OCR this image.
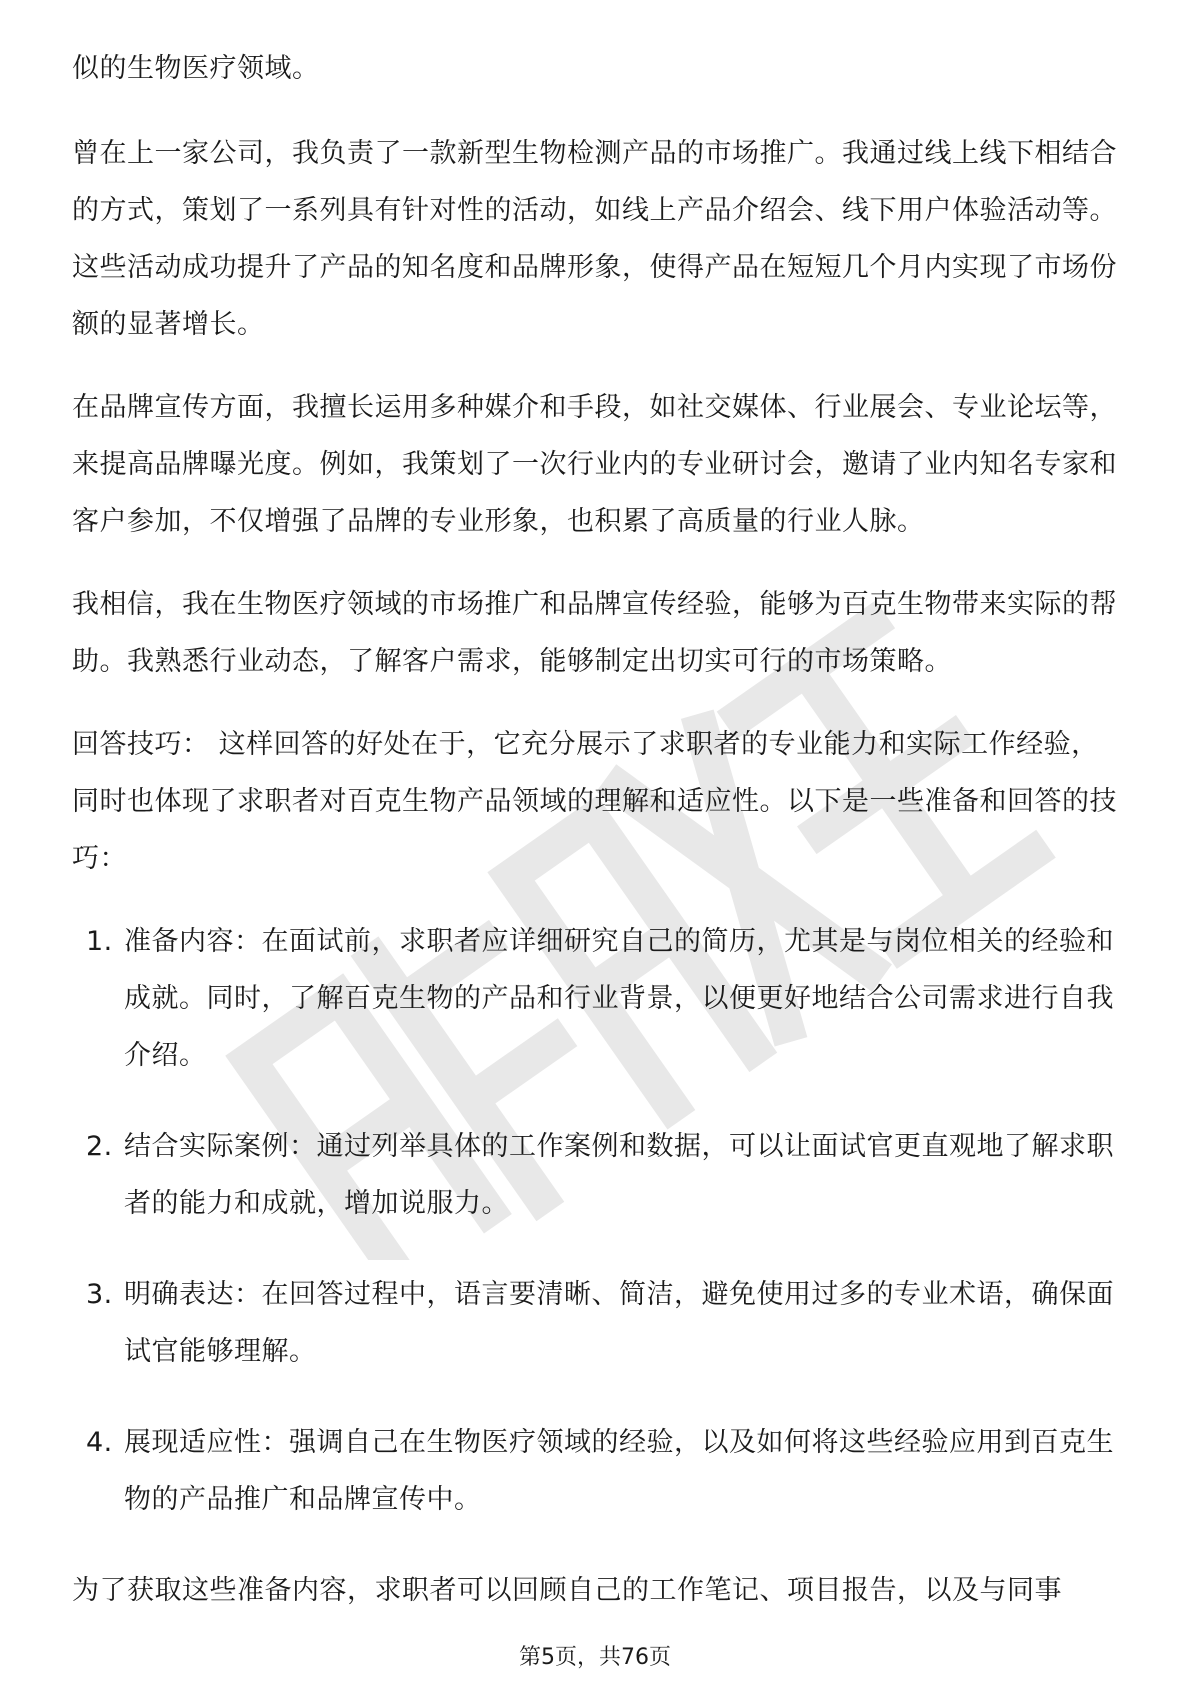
似的生物医疗领域。

曾在上一家公司，我负责了一款新型生物检测产品的市场推广。我通过线上线下相结合的方式，策划了一系列具有针对性的活动，如线上产品介绍会、线下用户体验活动等。这些活动成功提升了产品的知名度和品牌形象，使得产品在短短几个月内实现了市场份额的显著增长。

在品牌宣传方面，我擅长运用多种媒介和手段，如社交媒体、行业展会、专业论坛等，来提高品牌曝光度。例如，我策划了一次行业内的专业研讨会，邀请了业内知名专家和客户参加，不仅增强了品牌的专业形象，也积累了高质量的行业人脉。

我相信，我在生物医疗领域的市场推广和品牌宣传经验，能够为百克生物带来实际的帮助。我熟悉行业动态，了解客户需求，能够制定出切实可行的市场策略。

回答技巧： 这样回答的好处在于，它充分展示了求职者的专业能力和实际工作经验，同时也体现了求职者对百克生物产品领域的理解和适应性。以下是一些准备和回答的技巧：

1. 准备内容：在面试前，求职者应详细研究自己的简历，尤其是与岗位相关的经验和成就。同时，了解百克生物的产品和行业背景，以便更好地结合公司需求进行自我介绍。
2. 结合实际案例：通过列举具体的工作案例和数据，可以让面试官更直观地了解求职者的能力和成就，增加说服力。
3. 明确表达：在回答过程中，语言要清晰、简洁，避免使用过多的专业术语，确保面试官能够理解。
4. 展现适应性：强调自己在生物医疗领域的经验，以及如何将这些经验应用到百克生物的产品推广和品牌宣传中。

为了获取这些准备内容，求职者可以回顾自己的工作笔记、项目报告，以及与同事

第5页，共76页
